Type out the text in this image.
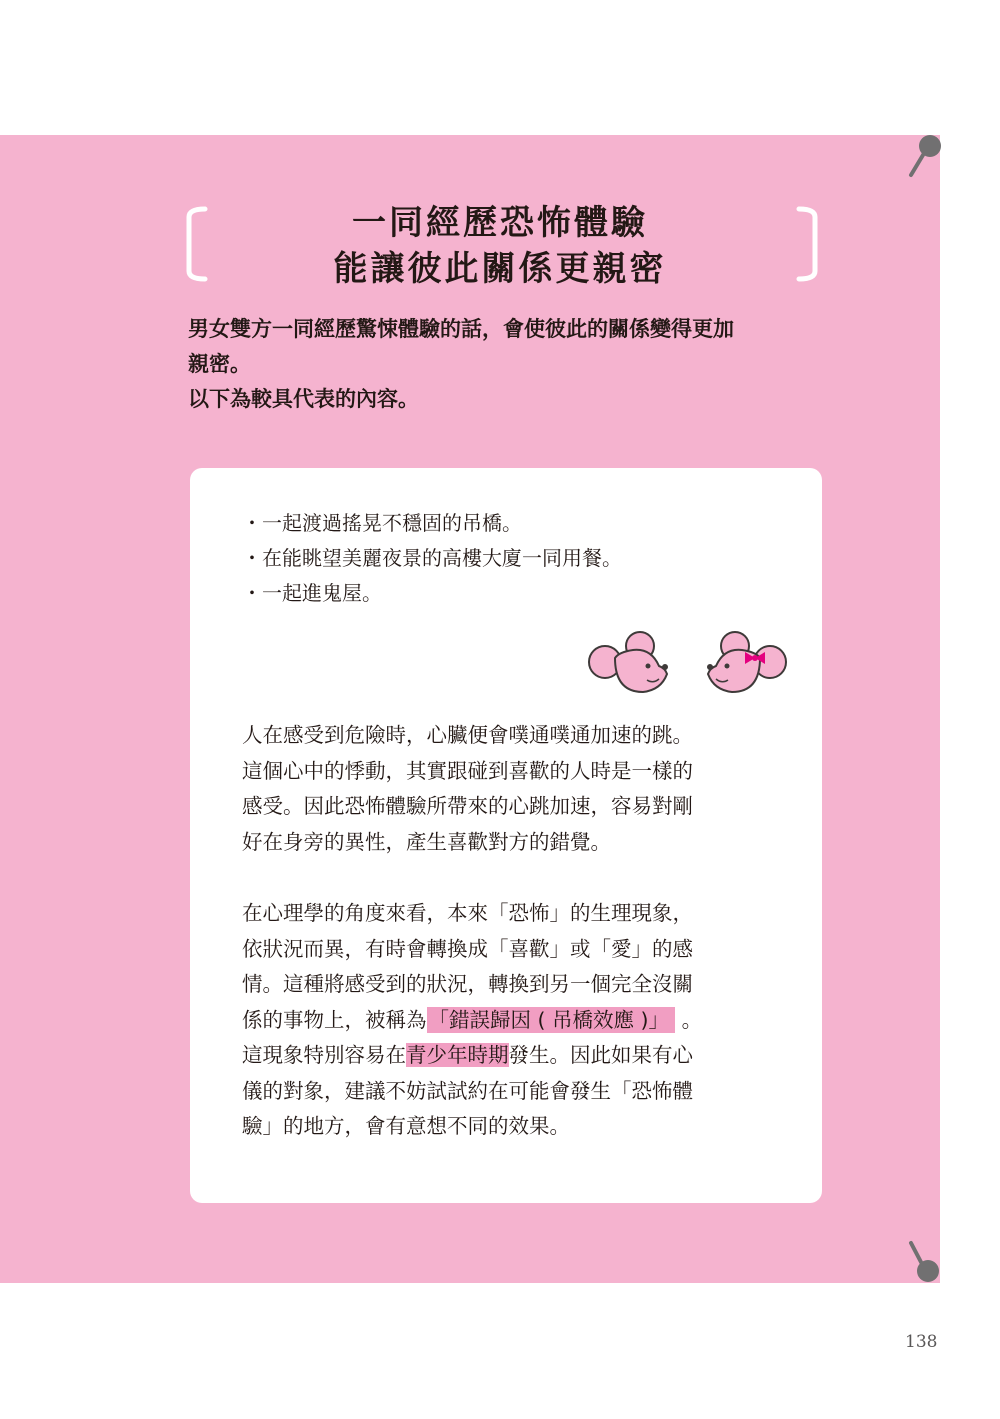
一同經歷恐怖體驗
能讓彼此關係更親密

男女雙方一同經歷驚悚體驗的話，會使彼此的關係變得更加

親密。

以下為較具代表的內容。

・一起渡過搖晃不穩固的吊橋。
・在能眺望美麗夜景的高樓大廈一同用餐。
・一起進鬼屋。
人在感受到危險時，心臟便會噗通噗通加速的跳。
這個心中的悸動，其實跟碰到喜歡的人時是一樣的
感受。因此恐怖體驗所帶來的心跳加速，容易對剛
好在身旁的異性，產生喜歡對方的錯覺。
在心理學的角度來看，本來「恐怖」的生理現象，
依狀況而異，有時會轉換成「喜歡」或「愛」的感
情。這種將感受到的狀況，轉換到另一個完全沒關
係的事物上，被稱為「錯誤歸因 ( 吊橋效應 )」 。
這現象特別容易在青少年時期發生。因此如果有心
儀的對象，建議不妨試試約在可能會發生「恐怖體
驗」的地方，會有意想不同的效果。
138
